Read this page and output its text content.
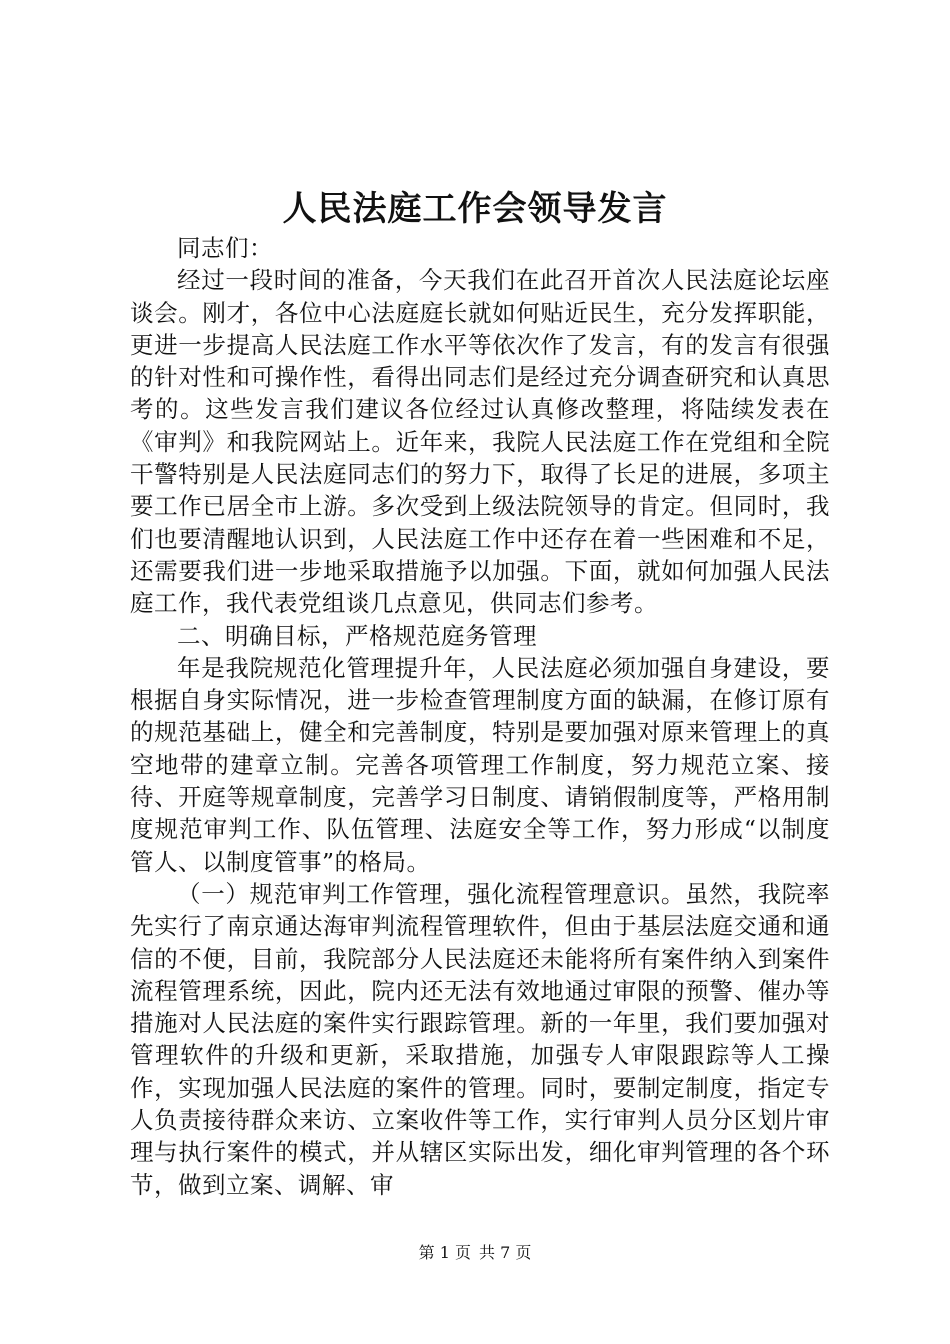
人民法庭工作会领导发言

同志们：

经过一段时间的准备，今天我们在此召开首次人民法庭论坛座谈会。刚才，各位中心法庭庭长就如何贴近民生，充分发挥职能，更进一步提高人民法庭工作水平等依次作了发言，有的发言有很强的针对性和可操作性，看得出同志们是经过充分调查研究和认真思考的。这些发言我们建议各位经过认真修改整理，将陆续发表在《审判》和我院网站上。近年来，我院人民法庭工作在党组和全院干警特别是人民法庭同志们的努力下，取得了长足的进展，多项主要工作已居全市上游。多次受到上级法院领导的肯定。但同时，我们也要清醒地认识到，人民法庭工作中还存在着一些困难和不足，还需要我们进一步地采取措施予以加强。下面，就如何加强人民法庭工作，我代表党组谈几点意见，供同志们参考。

二、明确目标，严格规范庭务管理

年是我院规范化管理提升年，人民法庭必须加强自身建设，要根据自身实际情况，进一步检查管理制度方面的缺漏，在修订原有的规范基础上，健全和完善制度，特别是要加强对原来管理上的真空地带的建章立制。完善各项管理工作制度，努力规范立案、接待、开庭等规章制度，完善学习日制度、请销假制度等，严格用制度规范审判工作、队伍管理、法庭安全等工作，努力形成“以制度管人、以制度管事”的格局。

（一）规范审判工作管理，强化流程管理意识。虽然，我院率先实行了南京通达海审判流程管理软件，但由于基层法庭交通和通信的不便，目前，我院部分人民法庭还未能将所有案件纳入到案件流程管理系统，因此，院内还无法有效地通过审限的预警、催办等措施对人民法庭的案件实行跟踪管理。新的一年里，我们要加强对管理软件的升级和更新，采取措施，加强专人审限跟踪等人工操作，实现加强人民法庭的案件的管理。同时，要制定制度，指定专人负责接待群众来访、立案收件等工作，实行审判人员分区划片审理与执行案件的模式，并从辖区实际出发，细化审判管理的各个环节，做到立案、调解、审

第 1 页 共 7 页
